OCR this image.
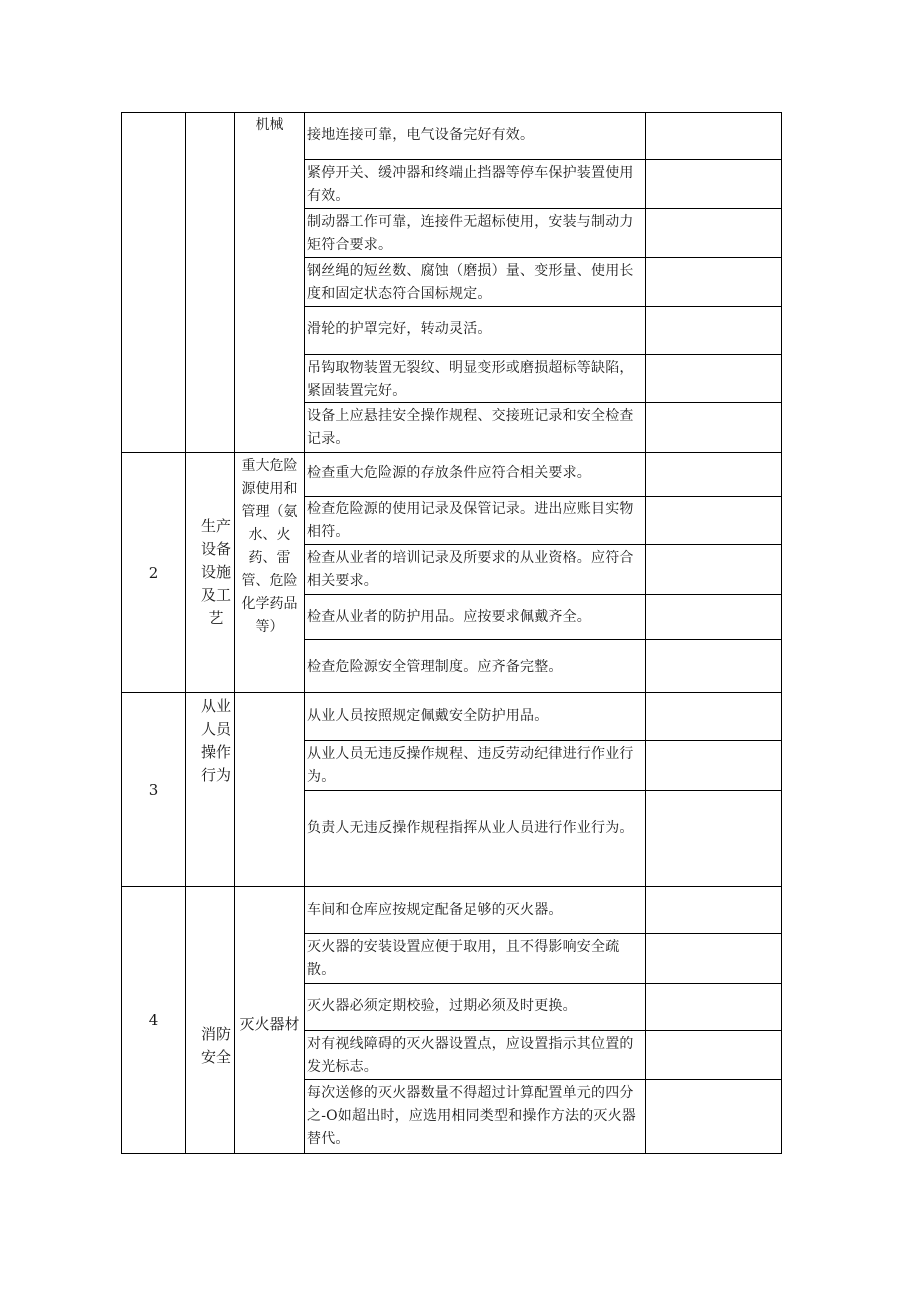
机械
接地连接可靠，电气设备完好有效。
紧停开关、缓冲器和终端止挡器等停车保护装置使用有效。
制动器工作可靠，连接件无超标使用，安装与制动力矩符合要求。
钢丝绳的短丝数、腐蚀（磨损）量、变形量、使用长度和固定状态符合国标规定。
滑轮的护罩完好，转动灵活。
吊钩取物装置无裂纹、明显变形或磨损超标等缺陷，紧固装置完好。
设备上应悬挂安全操作规程、交接班记录和安全检查记录。
2
生产设备设施及工艺
重大危险源使用和管理（氨水、火药、雷管、危险化学药品等）
检查重大危险源的存放条件应符合相关要求。
检查危险源的使用记录及保管记录。进出应账目实物相符。
检查从业者的培训记录及所要求的从业资格。应符合相关要求。
检查从业者的防护用品。应按要求佩戴齐全。
检查危险源安全管理制度。应齐备完整。
3
从业人员操作行为
从业人员按照规定佩戴安全防护用品。
从业人员无违反操作规程、违反劳动纪律进行作业行为。
负责人无违反操作规程指挥从业人员进行作业行为。
4
消防安全
灭火器材
车间和仓库应按规定配备足够的灭火器。
灭火器的安装设置应便于取用，且不得影响安全疏散。
灭火器必须定期校验，过期必须及时更换。
对有视线障碍的灭火器设置点，应设置指示其位置的发光标志。
每次送修的灭火器数量不得超过计算配置单元的四分之-O如超出时，应选用相同类型和操作方法的灭火器替代。
